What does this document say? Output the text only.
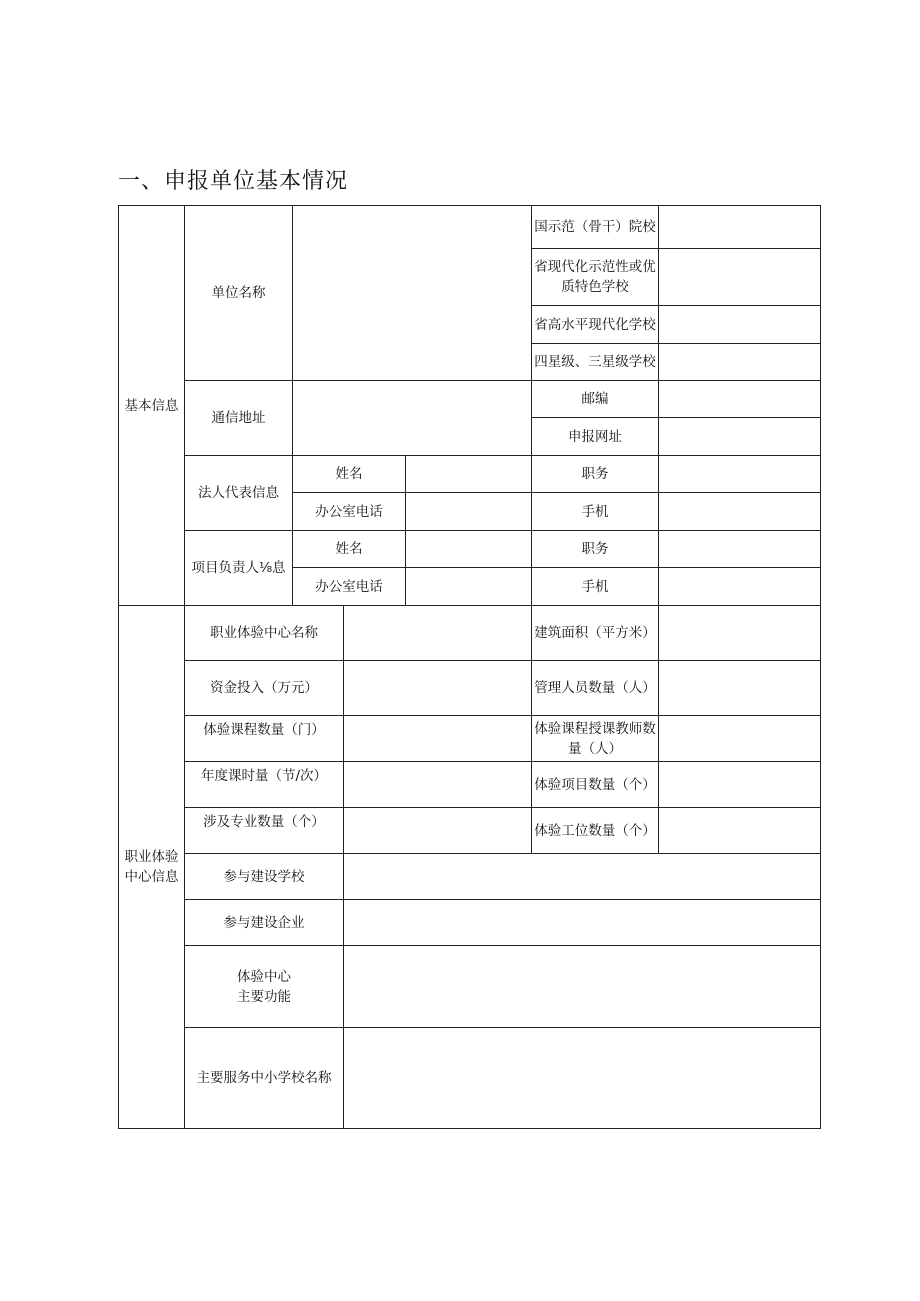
一、申报单位基本情况
基本信息	单位名称				国示范（骨干）院校	
					省现代化示范性或优质特色学校	
					省高水平现代化学校	
					四星级、三星级学校	
	通信地址				邮编	
					申报网址	
	法人代表信息	姓名			职务	
		办公室电话			手机	
	项目负责人⅛息	姓名			职务	
		办公室电话			手机	
职业体验中心信息	职业体验中心名称				建筑面积（平方米）	
	资金投入（万元）				管理人员数量（人）	
	体验课程数量（门）				体验课程授课教师数量（人）	
	年度课时量（节/次）				体验项目数量（个）	
	涉及专业数量（个）				体验工位数量（个）	
	参与建设学校					
	参与建设企业					

	体验中心
主要功能					

	主要服务中小学校名称					
